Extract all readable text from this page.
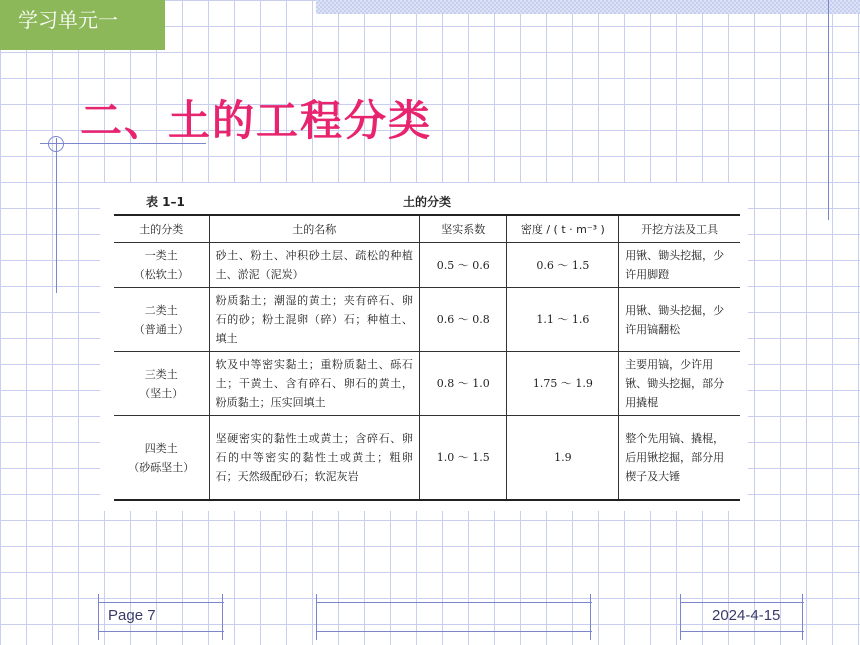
学习单元一
二、土的工程分类
土的分类
表 1–1
土的分类	土的名称	坚实系数	密度 / ( t · m⁻³ )	开挖方法及工具
一类土
（松软土）	砂土、粉土、冲积砂土层、疏松的种植土、淤泥（泥炭）	0.5 ～ 0.6	0.6 ～ 1.5	用锹、锄头挖掘，少许用脚蹬
二类土
（普通土）	粉质黏土；潮湿的黄土；夹有碎石、卵石的砂；粉土混卵（碎）石；种植土、填土	0.6 ～ 0.8	1.1 ～ 1.6	用锹、锄头挖掘，少许用镐翻松
三类土
（坚土）	软及中等密实黏土；重粉质黏土、砾石土；干黄土、含有碎石、卵石的黄土，粉质黏土；压实回填土	0.8 ～ 1.0	1.75 ～ 1.9	主要用镐，少许用锹、锄头挖掘，部分用撬棍
四类土
（砂砾坚土）	坚硬密实的黏性土或黄土；含碎石、卵石的中等密实的黏性土或黄土；粗卵石；天然级配砂石；软泥灰岩	1.0 ～ 1.5	1.9	整个先用镐、撬棍，后用锹挖掘，部分用楔子及大锤
Page 7	2024-4-15
